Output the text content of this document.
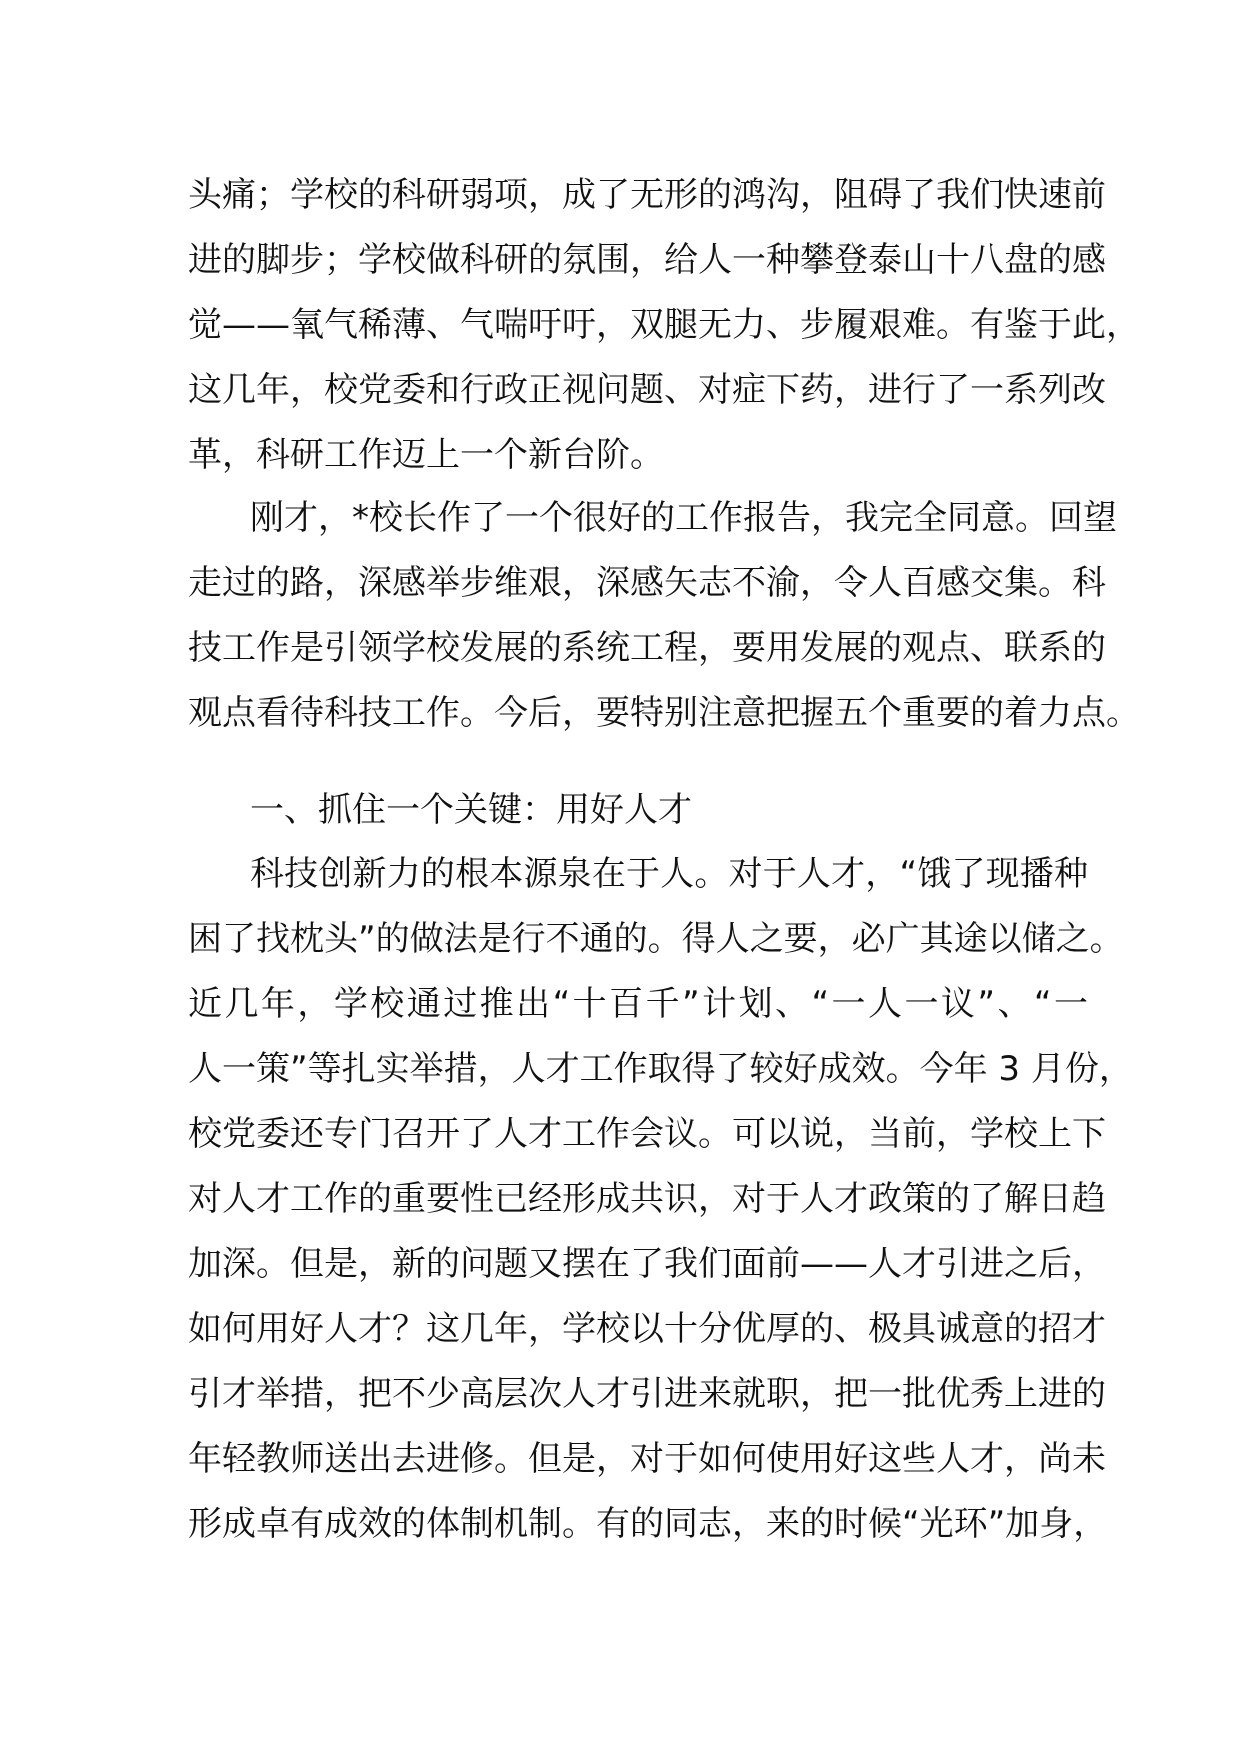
头痛；学校的科研弱项，成了无形的鸿沟，阻碍了我们快速前
进的脚步；学校做科研的氛围，给人一种攀登泰山十八盘的感
觉——氧气稀薄、气喘吁吁，双腿无力、步履艰难。有鉴于此，
这几年，校党委和行政正视问题、对症下药，进行了一系列改
革，科研工作迈上一个新台阶。
刚才，*校长作了一个很好的工作报告，我完全同意。回望
走过的路，深感举步维艰，深感矢志不渝，令人百感交集。科
技工作是引领学校发展的系统工程，要用发展的观点、联系的
观点看待科技工作。今后，要特别注意把握五个重要的着力点。
一、抓住一个关键：用好人才
科技创新力的根本源泉在于人。对于人才，“饿了现播种
困了找枕头”的做法是行不通的。得人之要，必广其途以储之。
近几年，学校通过推出“十百千”计划、“一人一议”、“一
人一策”等扎实举措，人才工作取得了较好成效。今年 3 月份，
校党委还专门召开了人才工作会议。可以说，当前，学校上下
对人才工作的重要性已经形成共识，对于人才政策的了解日趋
加深。但是，新的问题又摆在了我们面前——人才引进之后，
如何用好人才？这几年，学校以十分优厚的、极具诚意的招才
引才举措，把不少高层次人才引进来就职，把一批优秀上进的
年轻教师送出去进修。但是，对于如何使用好这些人才，尚未
形成卓有成效的体制机制。有的同志，来的时候“光环”加身，
